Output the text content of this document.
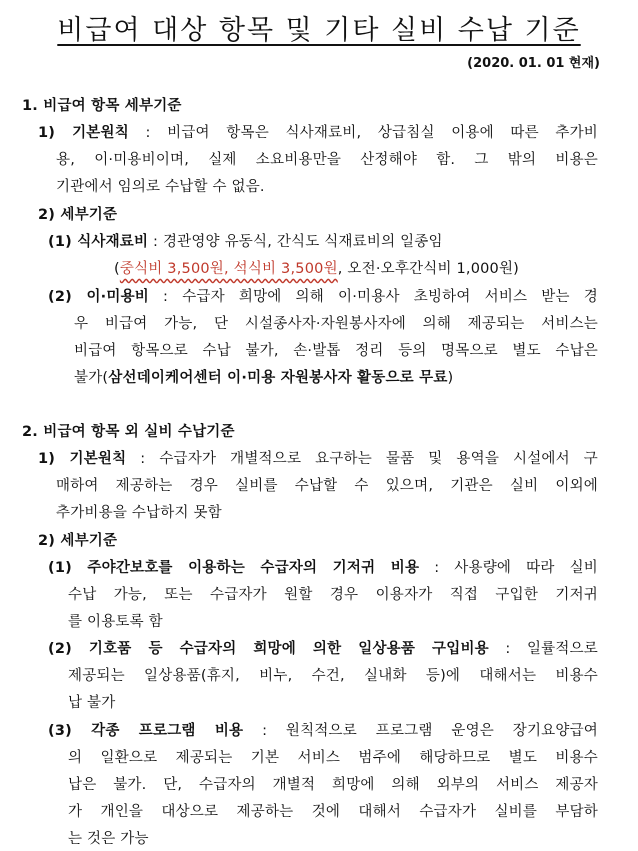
비급여 대상 항목 및 기타 실비 수납 기준
(2020. 01. 01 현재)
1. 비급여 항목 세부기준
1) 기본원칙 : 비급여 항목은 식사재료비, 상급침실 이용에 따른 추가비
용, 이·미용비이며, 실제 소요비용만을 산정해야 함. 그 밖의 비용은
기관에서 임의로 수납할 수 없음.
2) 세부기준
(1) 식사재료비 : 경관영양 유동식, 간식도 식재료비의 일종임
(중식비 3,500원, 석식비 3,500원, 오전·오후간식비 1,000원)
(2) 이·미용비 : 수급자 희망에 의해 이·미용사 초빙하여 서비스 받는 경
우 비급여 가능, 단 시설종사자·자원봉사자에 의해 제공되는 서비스는
비급여 항목으로 수납 불가, 손·발톱 정리 등의 명목으로 별도 수납은
불가(삼선데이케어센터 이·미용 자원봉사자 활동으로 무료)
2. 비급여 항목 외 실비 수납기준
1) 기본원칙 : 수급자가 개별적으로 요구하는 물품 및 용역을 시설에서 구
매하여 제공하는 경우 실비를 수납할 수 있으며, 기관은 실비 이외에
추가비용을 수납하지 못함
2) 세부기준
(1) 주야간보호를 이용하는 수급자의 기저귀 비용 : 사용량에 따라 실비
수납 가능, 또는 수급자가 원할 경우 이용자가 직접 구입한 기저귀
를 이용토록 함
(2) 기호품 등 수급자의 희망에 의한 일상용품 구입비용 : 일률적으로
제공되는 일상용품(휴지, 비누, 수건, 실내화 등)에 대해서는 비용수
납 불가
(3) 각종 프로그램 비용 : 원칙적으로 프로그램 운영은 장기요양급여
의 일환으로 제공되는 기본 서비스 범주에 해당하므로 별도 비용수
납은 불가. 단, 수급자의 개별적 희망에 의해 외부의 서비스 제공자
가 개인을 대상으로 제공하는 것에 대해서 수급자가 실비를 부담하
는 것은 가능
